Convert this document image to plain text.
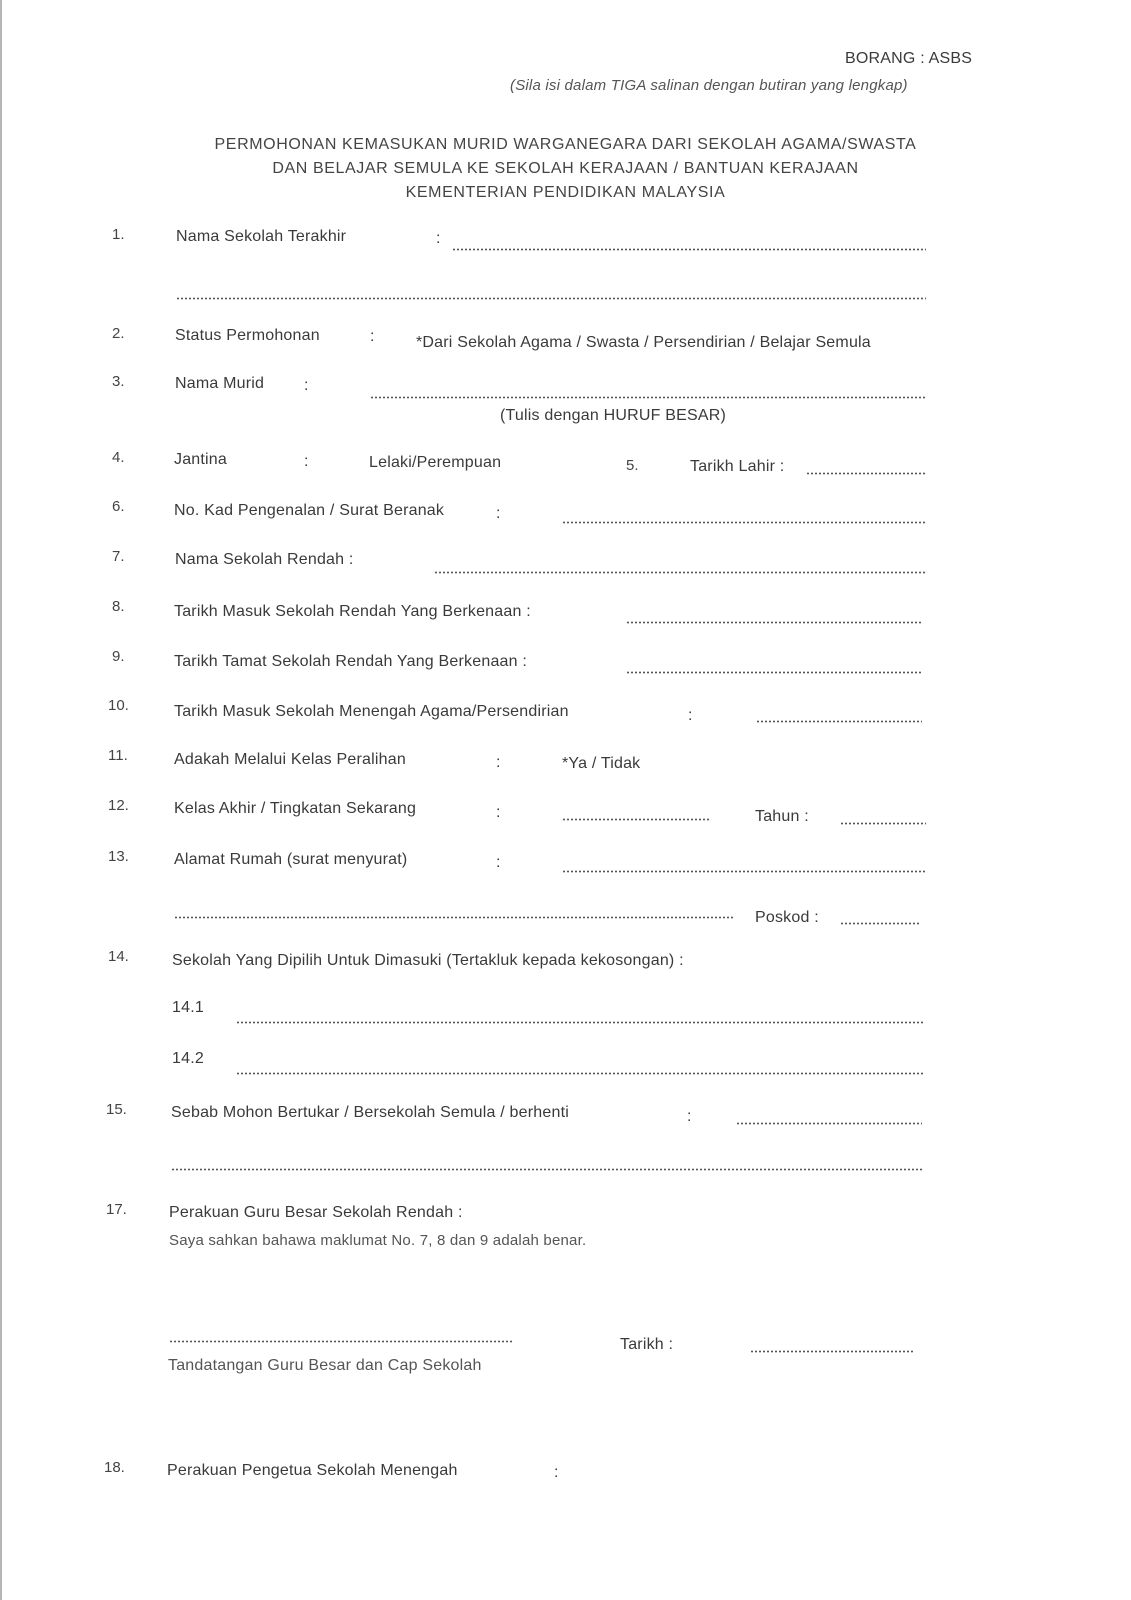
BORANG : ASBS
(Sila isi dalam TIGA salinan dengan butiran yang lengkap)
PERMOHONAN KEMASUKAN MURID WARGANEGARA DARI SEKOLAH AGAMA/SWASTA
DAN BELAJAR SEMULA KE SEKOLAH KERAJAAN / BANTUAN KERAJAAN
KEMENTERIAN PENDIDIKAN MALAYSIA
1.	Nama Sekolah Terakhir	:
2.	Status Permohonan	:	*Dari Sekolah Agama / Swasta / Persendirian / Belajar Semula
3.	Nama Murid :
(Tulis dengan HURUF BESAR)
4.	Jantina	:	Lelaki/Perempuan	5.	Tarikh Lahir :
6.	No. Kad Pengenalan / Surat Beranak	:
7.	Nama Sekolah Rendah :
8.	Tarikh Masuk Sekolah Rendah Yang Berkenaan :
9.	Tarikh Tamat Sekolah Rendah Yang Berkenaan :
10.	Tarikh Masuk Sekolah Menengah Agama/Persendirian	:
11.	Adakah Melalui Kelas Peralihan	:	*Ya / Tidak
12.	Kelas Akhir / Tingkatan Sekarang	:	Tahun :
13.	Alamat Rumah (surat menyurat)	:
Poskod :
14.	Sekolah Yang Dipilih Untuk Dimasuki (Tertakluk kepada kekosongan) :
14.1
14.2
15.	Sebab Mohon Bertukar / Bersekolah Semula / berhenti	:
17.	Perakuan Guru Besar Sekolah Rendah :
Saya sahkan bahawa maklumat No. 7, 8 dan 9 adalah benar.
Tandatangan Guru Besar dan Cap Sekolah
Tarikh :
18.	Perakuan Pengetua Sekolah Menengah	:
